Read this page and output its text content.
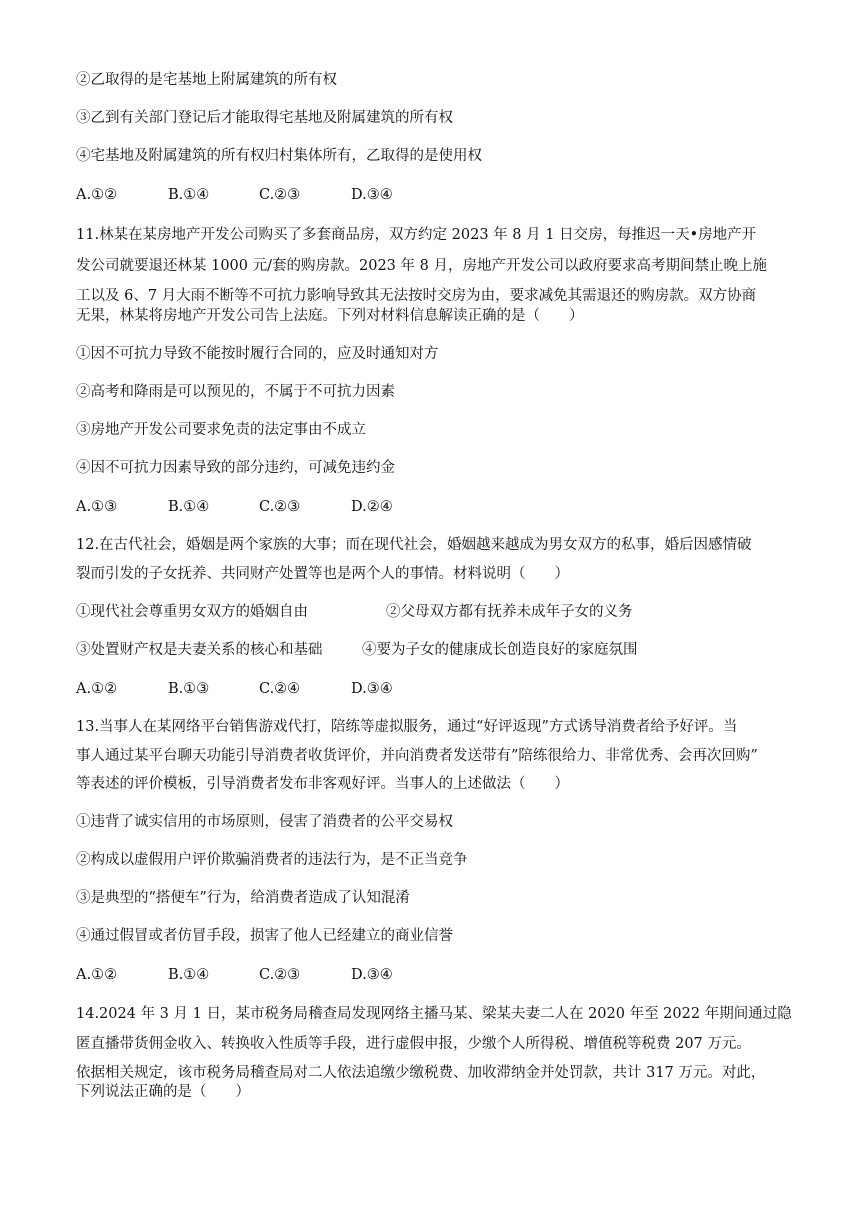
②乙取得的是宅基地上附属建筑的所有权
③乙到有关部门登记后才能取得宅基地及附属建筑的所有权
④宅基地及附属建筑的所有权归村集体所有，乙取得的是使用权
A.①②	B.①④	C.②③	D.③④
11.林某在某房地产开发公司购买了多套商品房，双方约定 2023 年 8 月 1 日交房，每推迟一天•房地产开
发公司就要退还林某 1000 元/套的购房款。2023 年 8 月，房地产开发公司以政府要求高考期间禁止晚上施
工以及 6、7 月大雨不断等不可抗力影响导致其无法按时交房为由，要求减免其需退还的购房款。双方协商
无果，林某将房地产开发公司告上法庭。下列对材料信息解读正确的是（　　）
①因不可抗力导致不能按时履行合同的，应及时通知对方
②高考和降雨是可以预见的，不属于不可抗力因素
③房地产开发公司要求免责的法定事由不成立
④因不可抗力因素导致的部分违约，可减免违约金
A.①③	B.①④	C.②③	D.②④
12.在古代社会，婚姻是两个家族的大事；而在现代社会，婚姻越来越成为男女双方的私事，婚后因感情破
裂而引发的子女抚养、共同财产处置等也是两个人的事情。材料说明（　　）
①现代社会尊重男女双方的婚姻自由	②父母双方都有抚养未成年子女的义务
③处置财产权是夫妻关系的核心和基础	④要为子女的健康成长创造良好的家庭氛围
A.①②	B.①③	C.②④	D.③④
13.当事人在某网络平台销售游戏代打，陪练等虚拟服务，通过“好评返现”方式诱导消费者给予好评。当
事人通过某平台聊天功能引导消费者收货评价，并向消费者发送带有”陪练很给力、非常优秀、会再次回购”
等表述的评价模板，引导消费者发布非客观好评。当事人的上述做法（　　）
①违背了诚实信用的市场原则，侵害了消费者的公平交易权
②构成以虚假用户评价欺骗消费者的违法行为，是不正当竞争
③是典型的“搭便车”行为，给消费者造成了认知混淆
④通过假冒或者仿冒手段，损害了他人已经建立的商业信誉
A.①②	B.①④	C.②③	D.③④
14.2024 年 3 月 1 日，某市税务局稽查局发现网络主播马某、梁某夫妻二人在 2020 年至 2022 年期间通过隐
匿直播带货佣金收入、转换收入性质等手段，进行虚假申报，少缴个人所得税、增值税等税费 207 万元。
依据相关规定，该市税务局稽查局对二人依法追缴少缴税费、加收滞纳金并处罚款，共计 317 万元。对此，
下列说法正确的是（　　）
